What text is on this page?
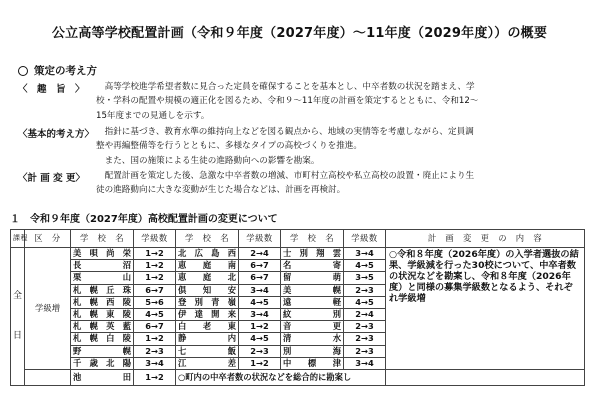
公立高等学校配置計画（令和９年度（2027年度）～11年度（2029年度））の概要
策定の考え方
〈　趣　旨　〉 　高等学校進学希望者数に見合った定員を確保することを基本とし、中卒者数の状況を踏まえ、学
校・学科の配置や規模の適正化を図るため、令和９～11年度の計画を策定するとともに、令和12～
15年度までの見通しを示す。
〈基本的考え方〉 　指針に基づき、教育水準の維持向上などを図る観点から、地域の実情等を考慮しながら、定員調
整や再編整備等を行うとともに、多様なタイプの高校づくりを推進。
　また、国の施策による生徒の進路動向への影響を勘案。
〈計 画 変 更〉 　配置計画を策定した後、急激な中卒者数の増減、市町村立高校や私立高校の設置・廃止により生
徒の進路動向に大きな変動が生じた場合などは、計画を再検討。
１　令和９年度（2027年度）高校配置計画の変更について
課程	区　分	学　校　名	学級数	学　校　名	学級数	学　校　名	学級数	計　画　変　更　の　内　容	
全　日	学級増	美唄尚栄	1→2	北広島西	2→4	士別翔雲	3→4	○令和８年度（2026年度）の入学者選抜の結果、学級減を行った30校について、中卒者数の状況などを勘案し、令和８年度（2026年度）と同様の募集学級数となるよう、それぞれ学級増	
		長　　沼	1→2	恵庭南	6→7	名　　寄	4→5		
		栗　　山	1→2	恵庭北	6→7	留　　萌	3→5		
		札幌丘珠	6→7	倶知安	3→4	美　　幌	2→3		
		札幌西陵	5→6	登別青嶺	4→5	遠　　軽	4→5		
		札幌東陵	4→5	伊達開来	3→4	紋　　別	2→4		
		札幌英藍	6→7	白老東	1→2	音　　更	2→3		
		札幌白陵	1→2	静　　内	4→5	清　　水	2→3		
		野　　幌	2→3	七　　飯	2→3	別　　海	2→3		
		千歳北陽	3→4	江　　差	1→2	中標津	3→4		
		池　　田	1→2	○町内の中卒者数の状況などを総合的に勘案し		
